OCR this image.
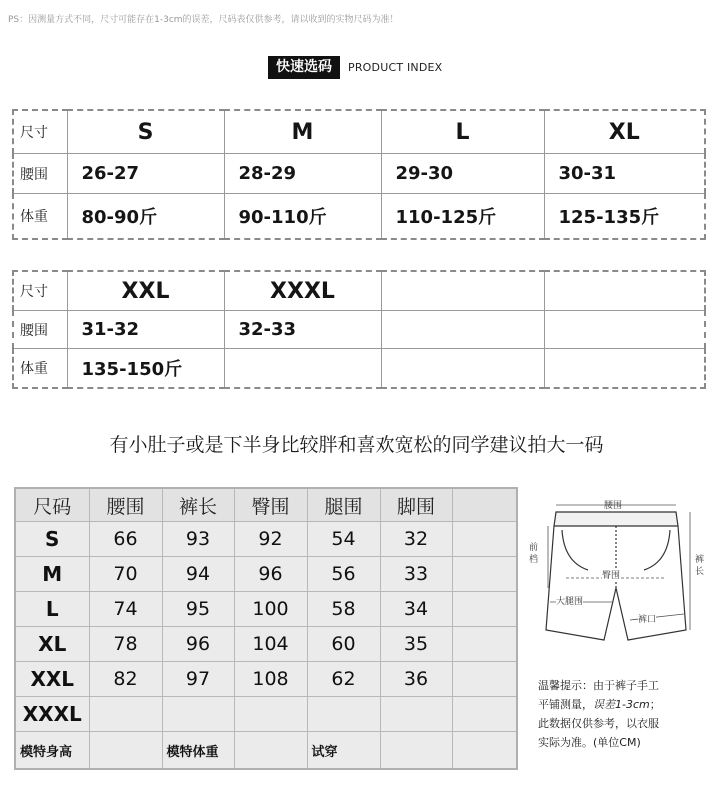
PS：因测量方式不同，尺寸可能存在1-3cm的误差，尺码表仅供参考，请以收到的实物尺码为准！
快速选码	PRODUCT INDEX
尺寸	S	M	L	XL
腰围	26-27	28-29	29-30	30-31
体重	80-90斤	90-110斤	110-125斤	125-135斤
尺寸	XXL	XXXL		
腰围	31-32	32-33		
体重	135-150斤			
有小肚子或是下半身比较胖和喜欢宽松的同学建议拍大一码
尺码	腰围	裤长	臀围	腿围	脚围	
S	66	93	92	54	32	
M	70	94	96	56	33	
L	74	95	100	58	34	
XL	78	96	104	60	35	
XXL	82	97	108	62	36	
XXXL						
模特身高		模特体重		试穿		
腰围
前
档	裤
长
臀围
大腿围
裤口
温馨提示：由于裤子手工
平铺测量，误差1-3cm；
此数据仅供参考，以衣服
实际为准。(单位CM)
